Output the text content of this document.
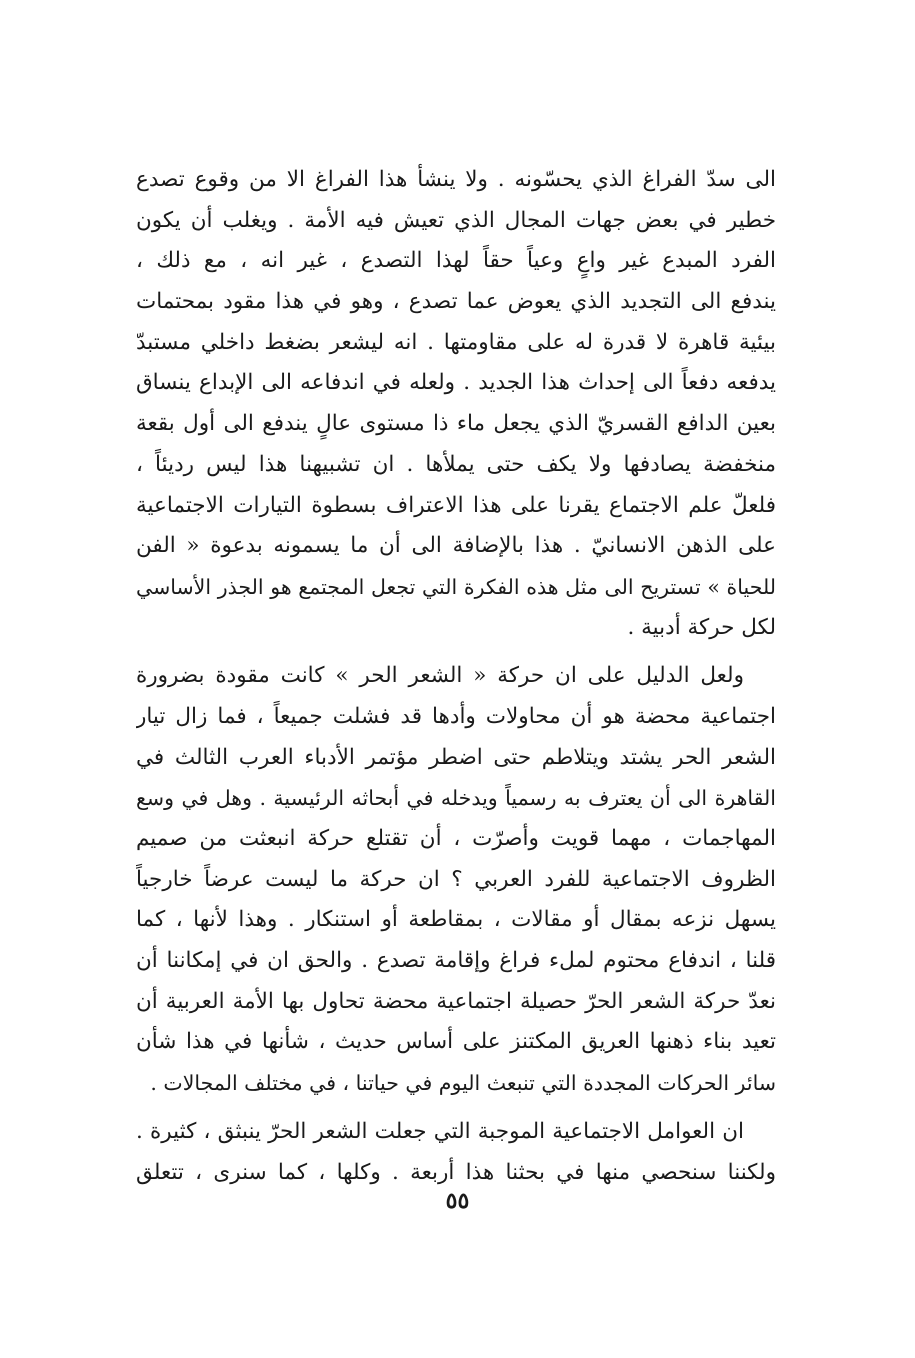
الى سدّ الفراغ الذي يحسّونه . ولا ينشأ هذا الفراغ الا من وقوع تصدع
خطير في بعض جهات المجال الذي تعيش فيه الأمة . ويغلب أن يكون
الفرد المبدع غير واعٍ وعياً حقاً لهذا التصدع ، غير انه ، مع ذلك ،
يندفع الى التجديد الذي يعوض عما تصدع ، وهو في هذا مقود بمحتمات
بيئية قاهرة لا قدرة له على مقاومتها . انه ليشعر بضغط داخلي مستبدّ
يدفعه دفعاً الى إحداث هذا الجديد . ولعله في اندفاعه الى الإبداع ينساق
بعين الدافع القسريّ الذي يجعل ماء ذا مستوى عالٍ يندفع الى أول بقعة
منخفضة يصادفها ولا يكف حتى يملأها . ان تشبيهنا هذا ليس رديئاً ،
فلعلّ علم الاجتماع يقرنا على هذا الاعتراف بسطوة التيارات الاجتماعية
على الذهن الانسانيّ . هذا بالإضافة الى أن ما يسمونه بدعوة « الفن
للحياة » تستريح الى مثل هذه الفكرة التي تجعل المجتمع هو الجذر الأساسي
لكل حركة أدبية .
ولعل الدليل على ان حركة « الشعر الحر » كانت مقودة بضرورة
اجتماعية محضة هو أن محاولات وأدها قد فشلت جميعاً ، فما زال تيار
الشعر الحر يشتد ويتلاطم حتى اضطر مؤتمر الأدباء العرب الثالث في
القاهرة الى أن يعترف به رسمياً ويدخله في أبحاثه الرئيسية . وهل في وسع
المهاجمات ، مهما قويت وأصرّت ، أن تقتلع حركة انبعثت من صميم
الظروف الاجتماعية للفرد العربي ؟ ان حركة ما ليست عرضاً خارجياً
يسهل نزعه بمقال أو مقالات ، بمقاطعة أو استنكار . وهذا لأنها ، كما
قلنا ، اندفاع محتوم لملء فراغ وإقامة تصدع . والحق ان في إمكاننا أن
نعدّ حركة الشعر الحرّ حصيلة اجتماعية محضة تحاول بها الأمة العربية أن
تعيد بناء ذهنها العريق المكتنز على أساس حديث ، شأنها في هذا شأن
سائر الحركات المجددة التي تنبعث اليوم في حياتنا ، في مختلف المجالات .
ان العوامل الاجتماعية الموجبة التي جعلت الشعر الحرّ ينبثق ، كثيرة .
ولكننا سنحصي منها في بحثنا هذا أربعة . وكلها ، كما سنرى ، تتعلق
٥٥
